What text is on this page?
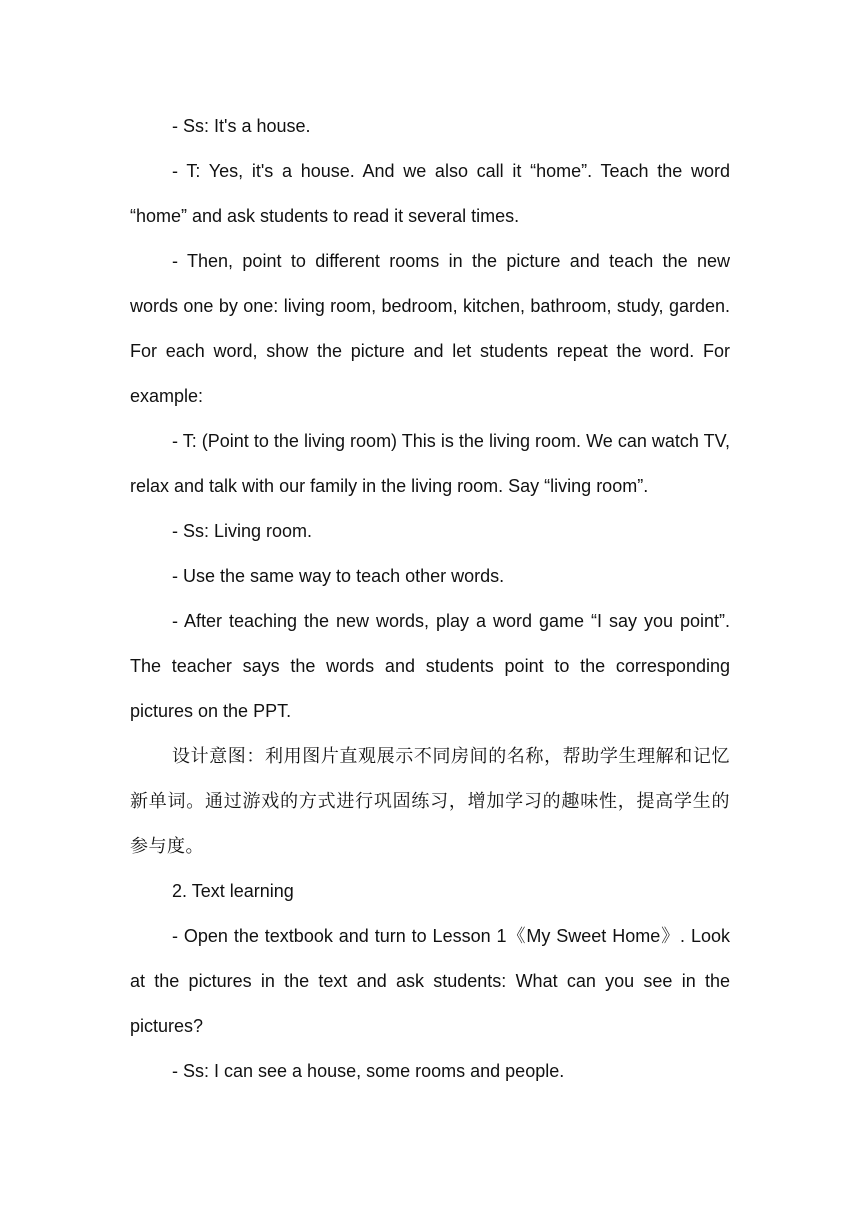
- Ss: It's a house.

- T: Yes, it's a house. And we also call it “home”. Teach the word “home” and ask students to read it several times.

- Then, point to different rooms in the picture and teach the new words one by one: living room, bedroom, kitchen, bathroom, study, garden. For each word, show the picture and let students repeat the word. For example:

- T: (Point to the living room) This is the living room. We can watch TV, relax and talk with our family in the living room. Say “living room”.

- Ss: Living room.

- Use the same way to teach other words.

- After teaching the new words, play a word game “I say you point”. The teacher says the words and students point to the corresponding pictures on the PPT.

设计意图：利用图片直观展示不同房间的名称，帮助学生理解和记忆新单词。通过游戏的方式进行巩固练习，增加学习的趣味性，提高学生的参与度。

2. Text learning

- Open the textbook and turn to Lesson 1《My Sweet Home》. Look at the pictures in the text and ask students: What can you see in the pictures?

- Ss: I can see a house, some rooms and people.
